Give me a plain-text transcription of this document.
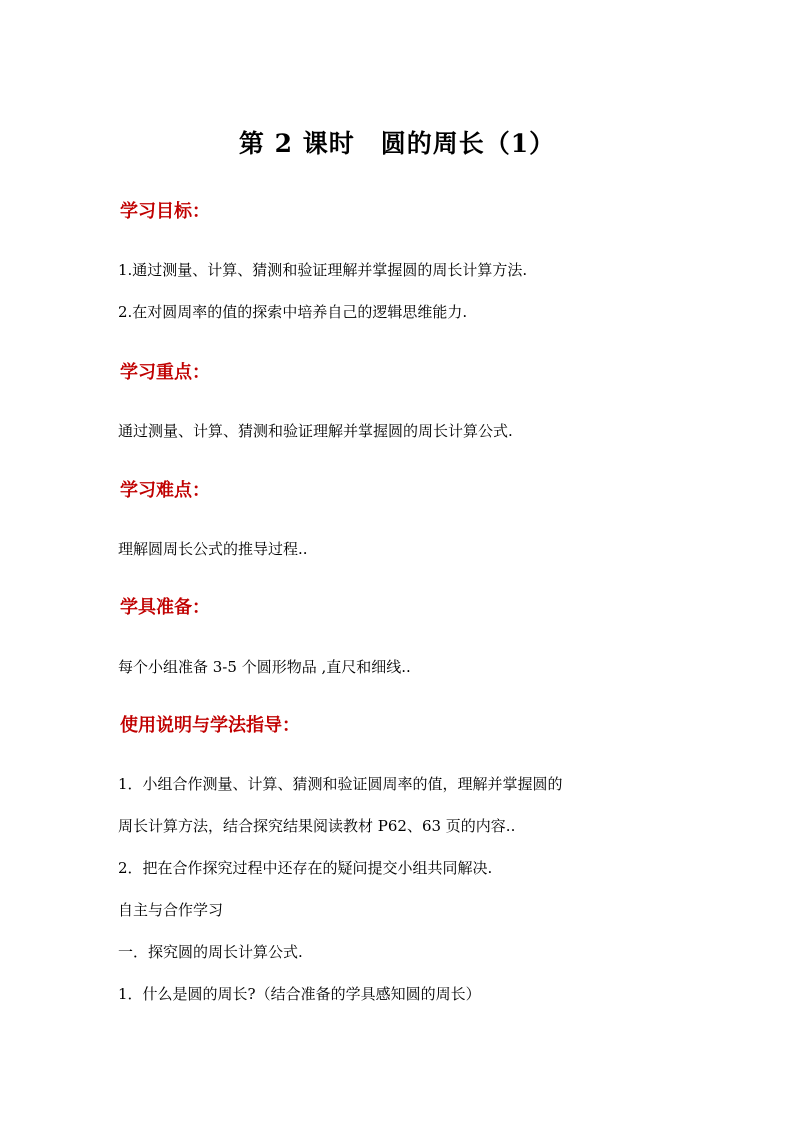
第 2 课时　圆的周长（1）
学习目标：
1.通过测量、计算、猜测和验证理解并掌握圆的周长计算方法.
2.在对圆周率的值的探索中培养自己的逻辑思维能力.
学习重点：
通过测量、计算、猜测和验证理解并掌握圆的周长计算公式.
学习难点：
理解圆周长公式的推导过程..
学具准备：
每个小组准备 3-5 个圆形物品 ,直尺和细线..
使用说明与学法指导：
1．小组合作测量、计算、猜测和验证圆周率的值，理解并掌握圆的
周长计算方法，结合探究结果阅读教材 P62、63 页的内容..
2．把在合作探究过程中还存在的疑问提交小组共同解决.
自主与合作学习
一．探究圆的周长计算公式.
1．什么是圆的周长?（结合准备的学具感知圆的周长）
